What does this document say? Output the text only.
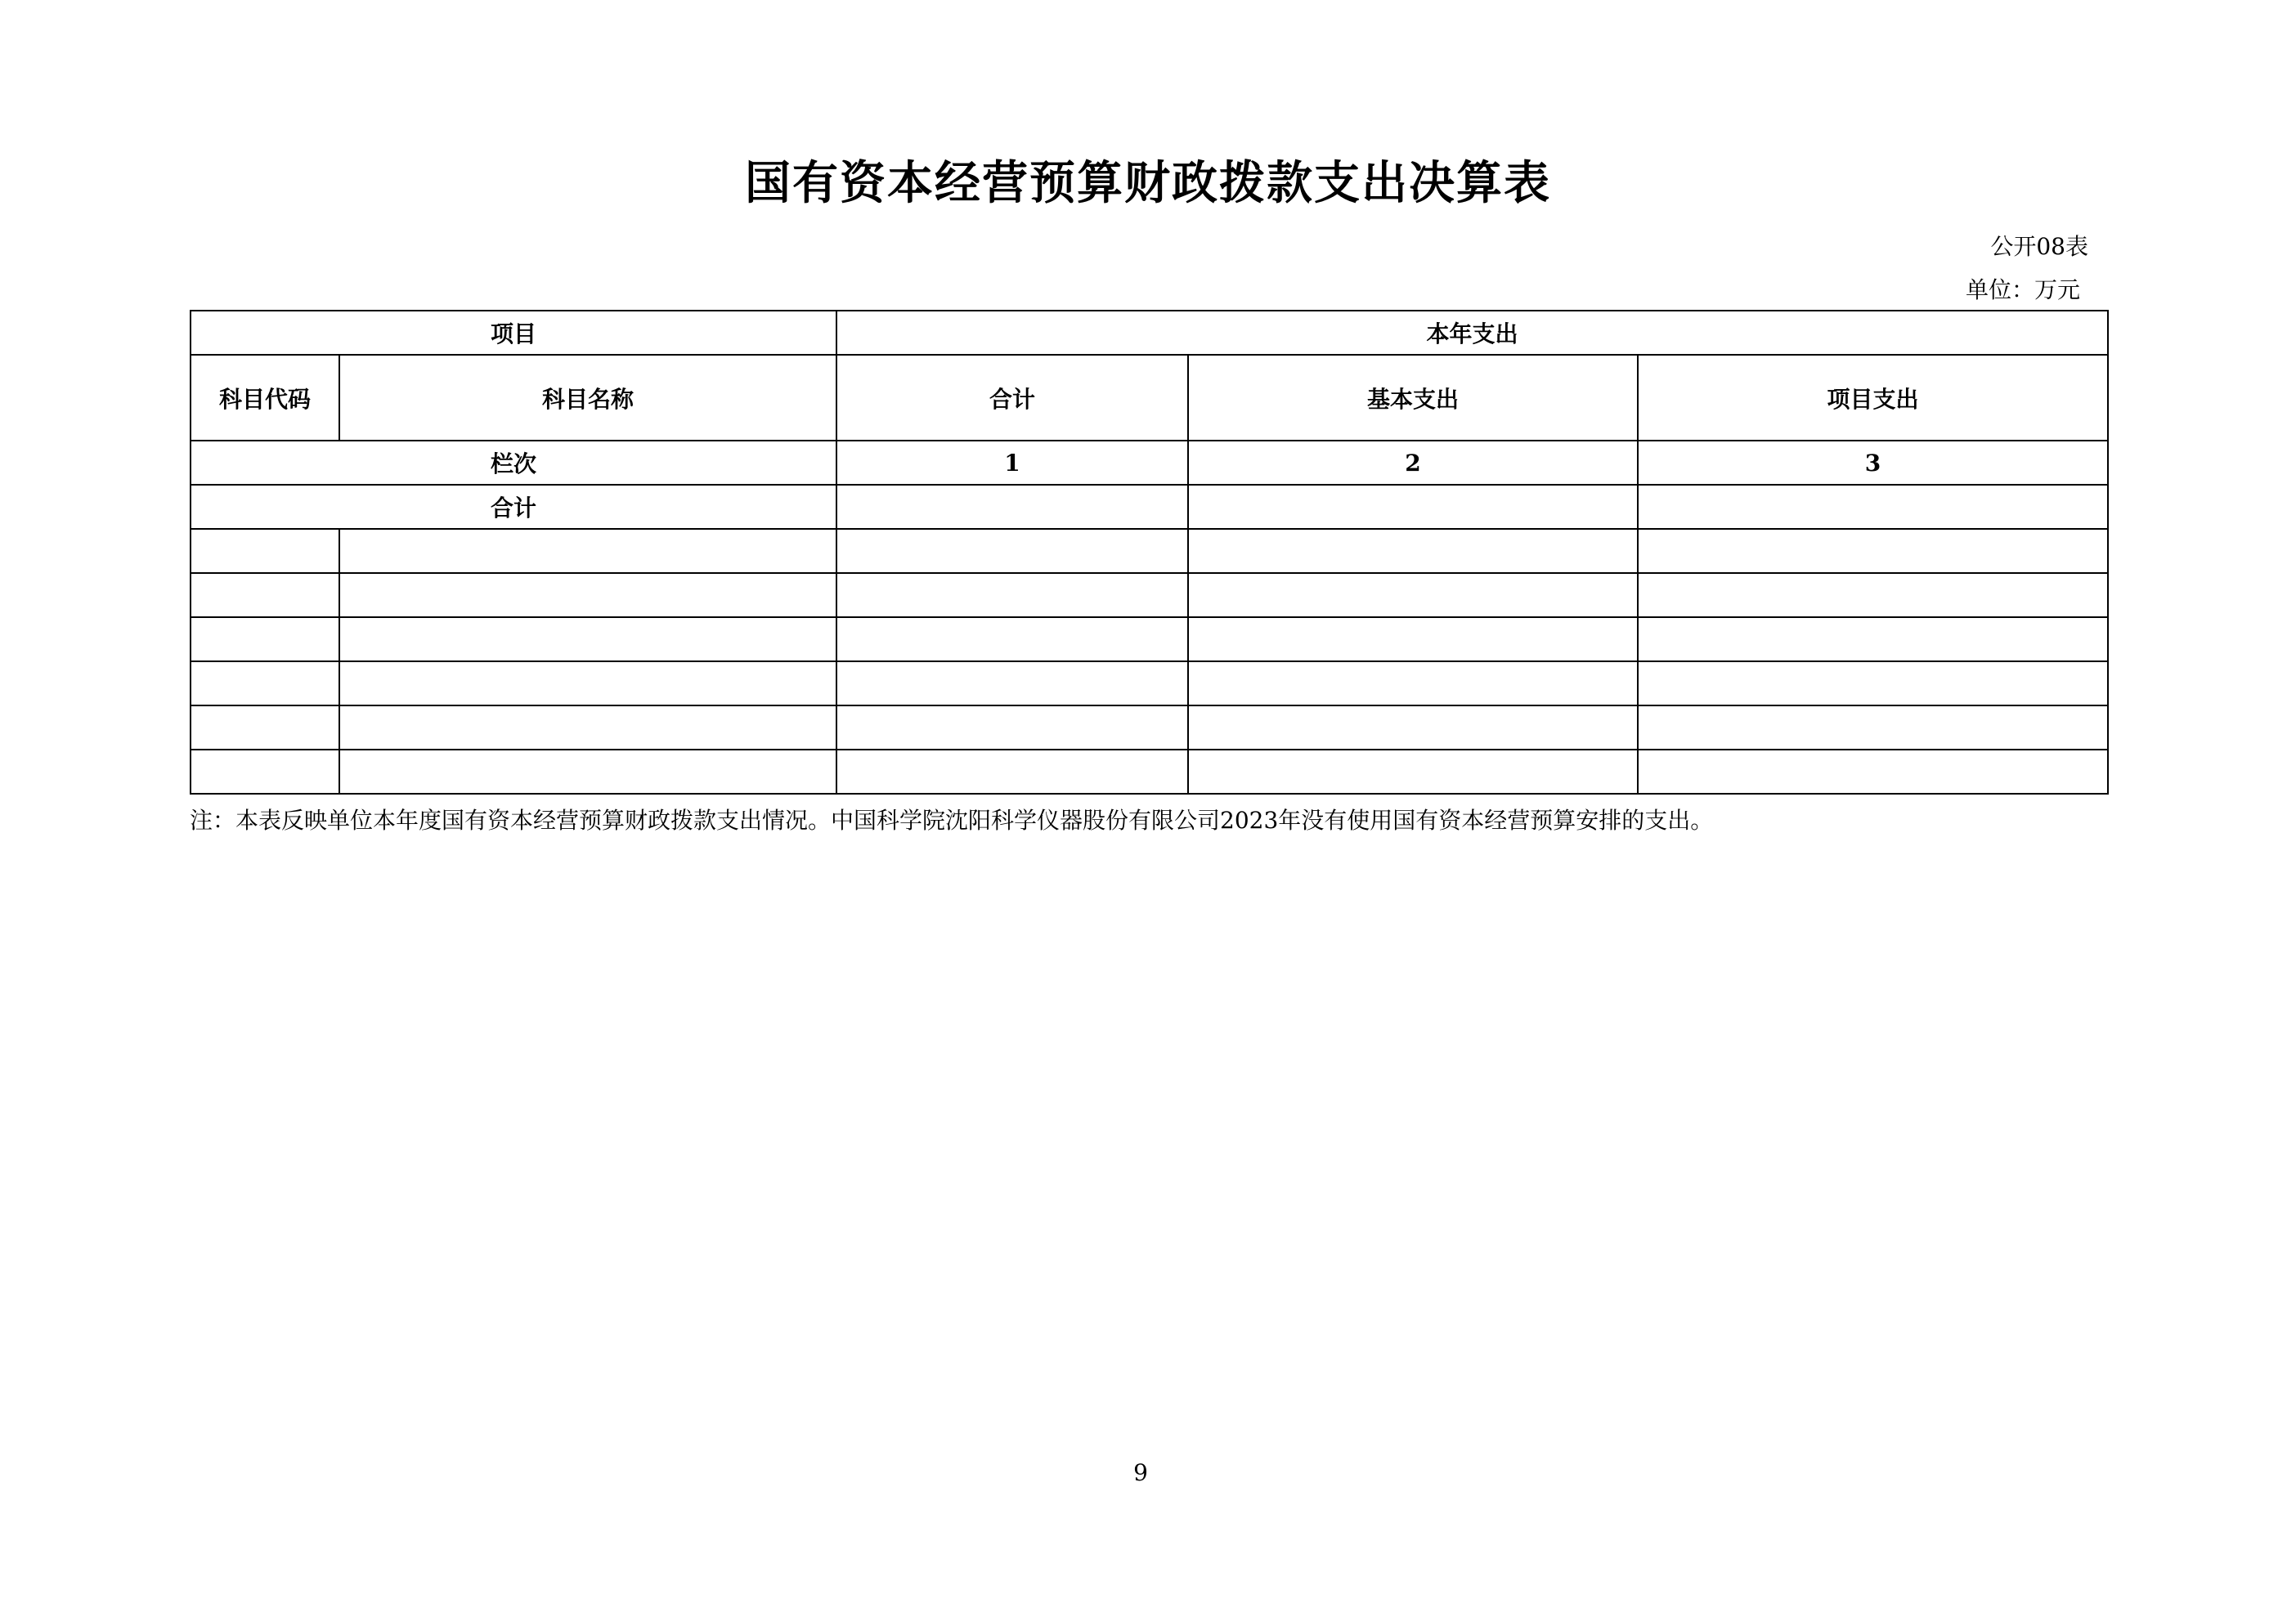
国有资本经营预算财政拨款支出决算表
公开08表
单位：万元
项目		本年支出		
科目代码	科目名称	合计	基本支出	项目支出
栏次		1	2	3
合计				

注：本表反映单位本年度国有资本经营预算财政拨款支出情况。中国科学院沈阳科学仪器股份有限公司2023年没有使用国有资本经营预算安排的支出。
9
